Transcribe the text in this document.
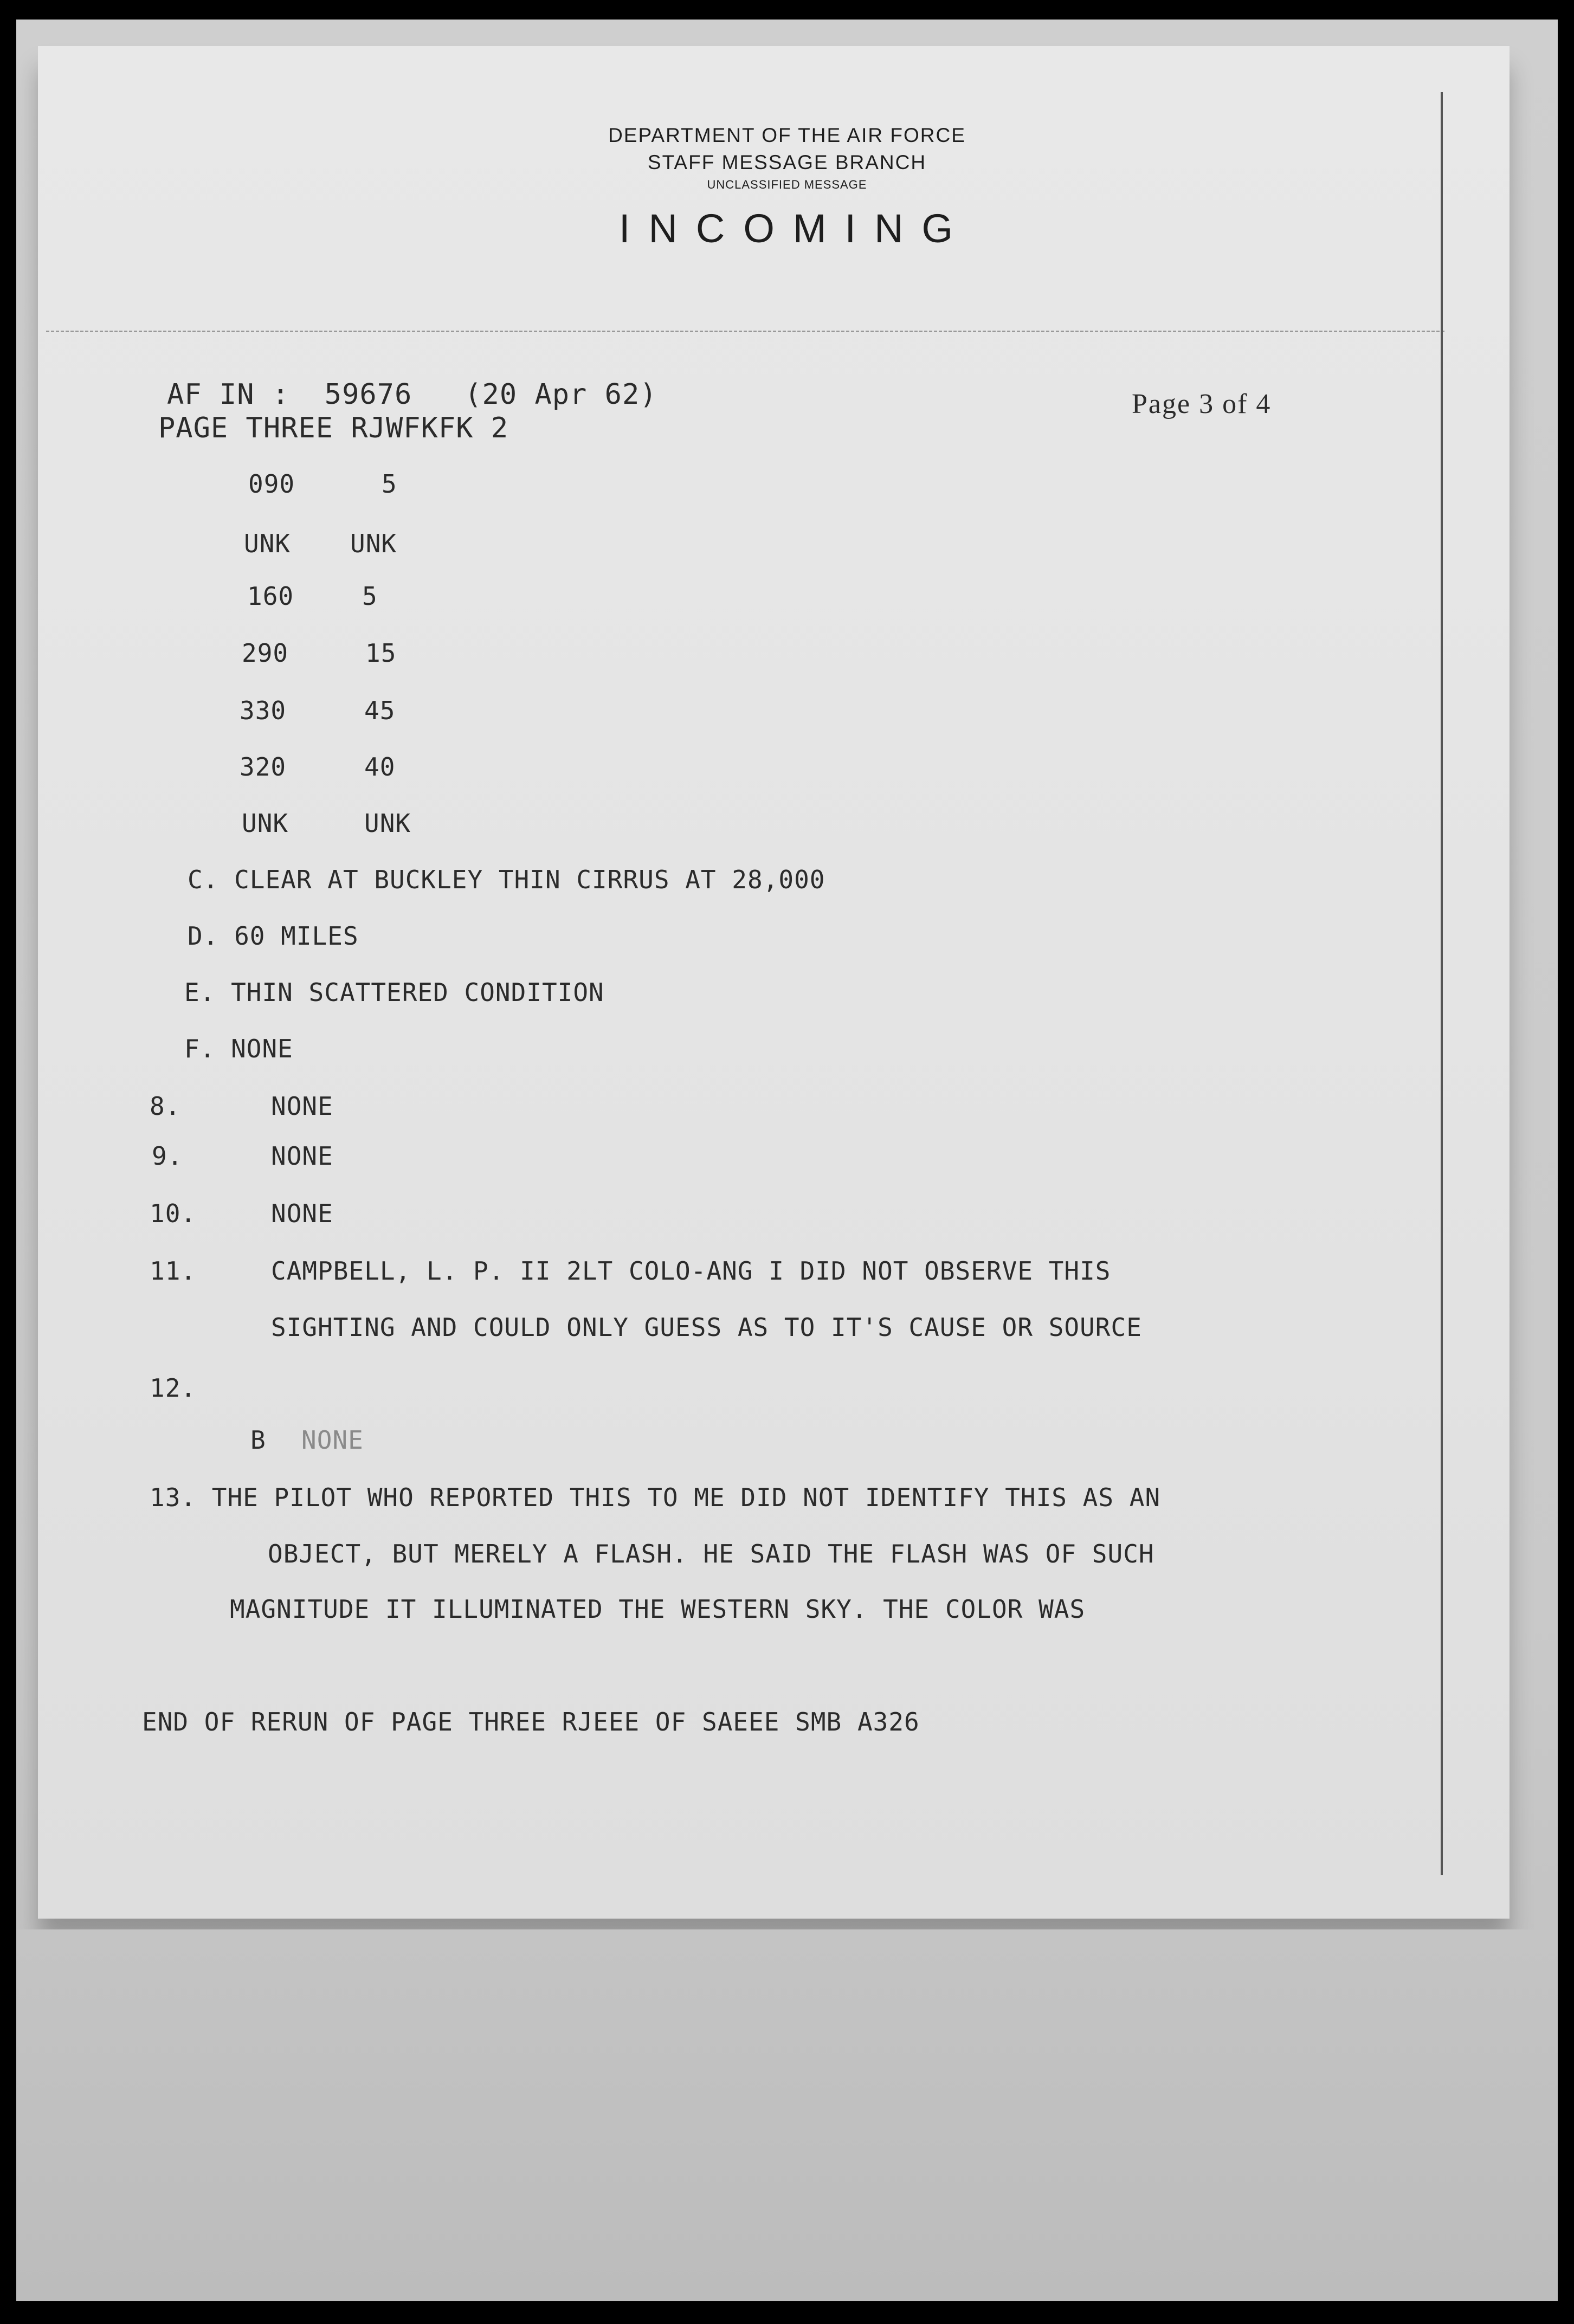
DEPARTMENT OF THE AIR FORCE
STAFF MESSAGE BRANCH
UNCLASSIFIED MESSAGE
INCOMING
AF IN :  59676   (20 Apr 62)	Page 3 of 4
PAGE THREE RJWFKFK 2
090	5
UNK UNK
160	5
290	15
330	45
320	40
UNK	UNK
C. CLEAR AT BUCKLEY THIN CIRRUS AT 28,000
D. 60 MILES
E. THIN SCATTERED CONDITION
F. NONE
8.	NONE
9.	NONE
10.	NONE
11.	CAMPBELL, L. P. II 2LT COLO-ANG I DID NOT OBSERVE THIS
SIGHTING AND COULD ONLY GUESS AS TO IT'S CAUSE OR SOURCE
12.
B NONE
13. THE PILOT WHO REPORTED THIS TO ME DID NOT IDENTIFY THIS AS AN
OBJECT, BUT MERELY A FLASH. HE SAID THE FLASH WAS OF SUCH
MAGNITUDE IT ILLUMINATED THE WESTERN SKY. THE COLOR WAS
END OF RERUN OF PAGE THREE RJEEE OF SAEEE SMB A326
